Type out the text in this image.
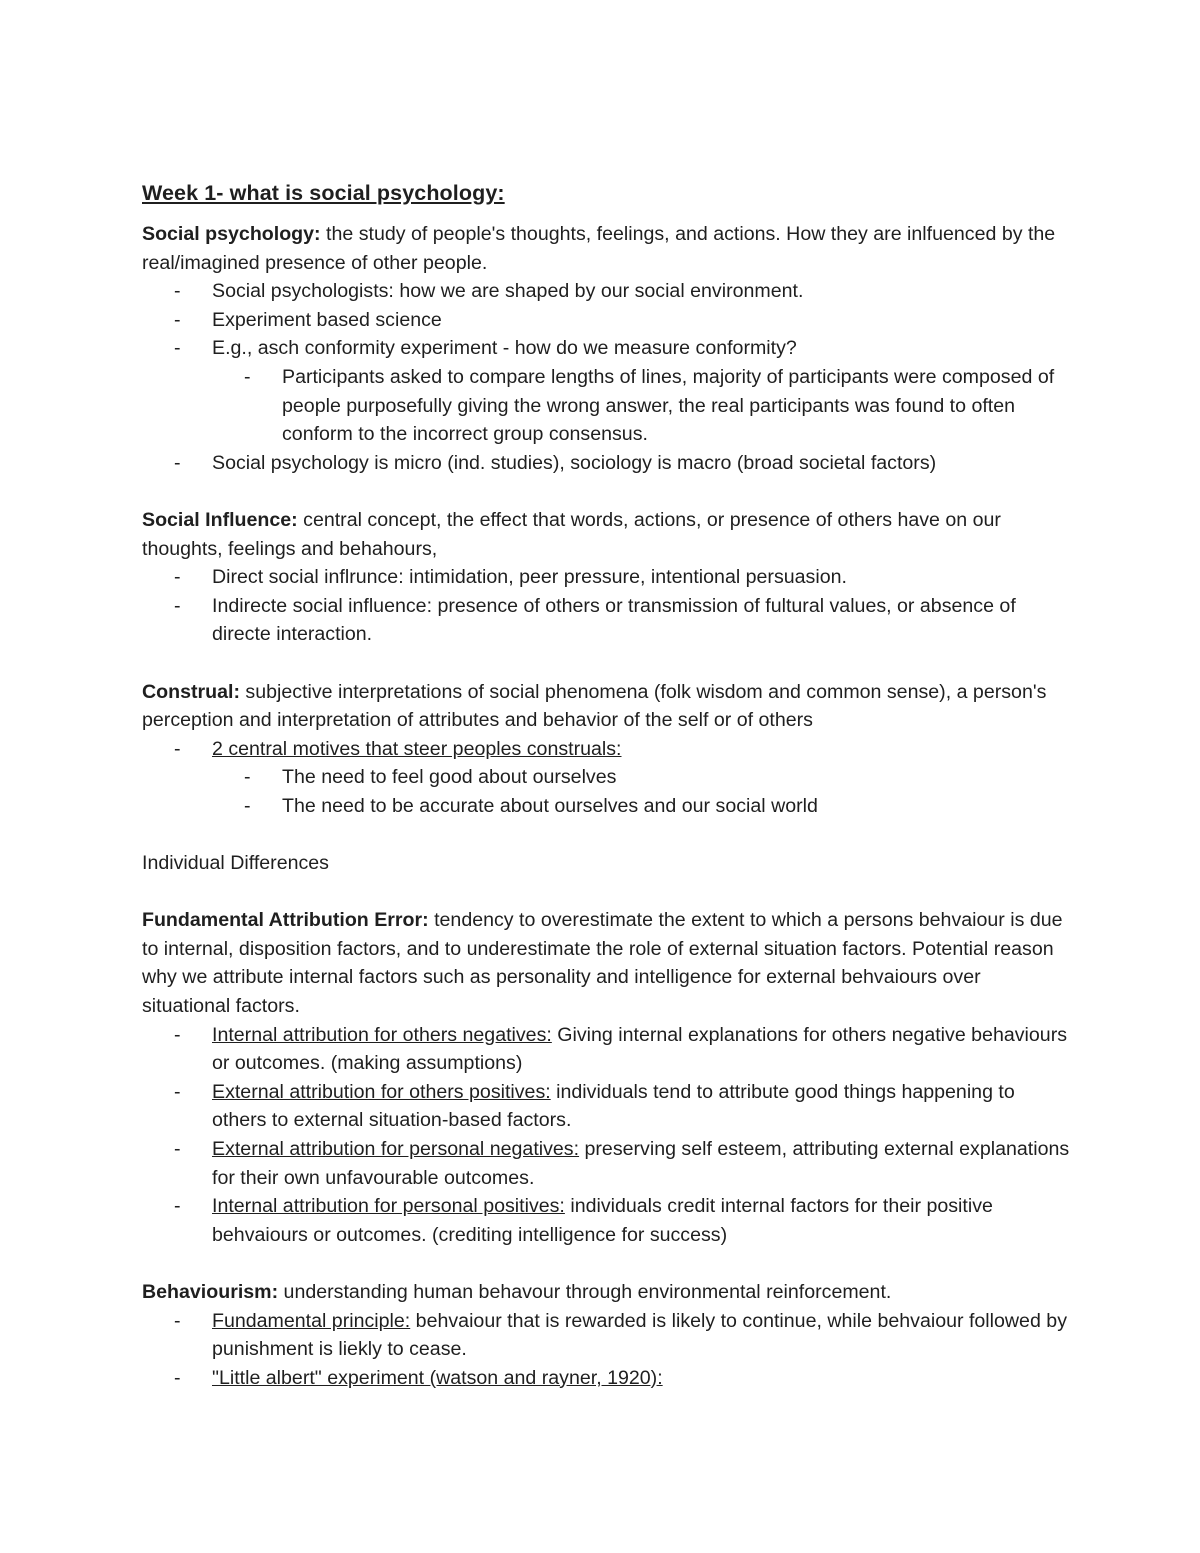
Week 1- what is social psychology:

Social psychology: the study of people's thoughts, feelings, and actions. How they are inlfuenced by the real/imagined presence of other people.

- Social psychologists: how we are shaped by our social environment.
- Experiment based science
- E.g., asch conformity experiment - how do we measure conformity?
- Participants asked to compare lengths of lines, majority of participants were composed of people purposefully giving the wrong answer, the real participants was found to often conform to the incorrect group consensus.
- Social psychology is micro (ind. studies), sociology is macro (broad societal factors)

Social Influence: central concept, the effect that words, actions, or presence of others have on our thoughts, feelings and behahours,

- Direct social inflrunce: intimidation, peer pressure, intentional persuasion.
- Indirecte social influence: presence of others or transmission of fultural values, or absence of directe interaction.

Construal: subjective interpretations of social phenomena (folk wisdom and common sense), a person's perception and interpretation of attributes and behavior of the self or of others

- 2 central motives that steer peoples construals:
- The need to feel good about ourselves
- The need to be accurate about ourselves and our social world

Individual Differences

Fundamental Attribution Error: tendency to overestimate the extent to which a persons behvaiour is due to internal, disposition factors, and to underestimate the role of external situation factors. Potential reason why we attribute internal factors such as personality and intelligence for external behvaiours over situational factors.

- Internal attribution for others negatives: Giving internal explanations for others negative behaviours or outcomes. (making assumptions)
- External attribution for others positives: individuals tend to attribute good things happening to others to external situation-based factors.
- External attribution for personal negatives: preserving self esteem, attributing external explanations for their own unfavourable outcomes.
- Internal attribution for personal positives: individuals credit internal factors for their positive behvaiours or outcomes. (crediting intelligence for success)

Behaviourism: understanding human behavour through environmental reinforcement.

- Fundamental principle: behvaiour that is rewarded is likely to continue, while behvaiour followed by punishment is liekly to cease.
- "Little albert" experiment (watson and rayner, 1920):
